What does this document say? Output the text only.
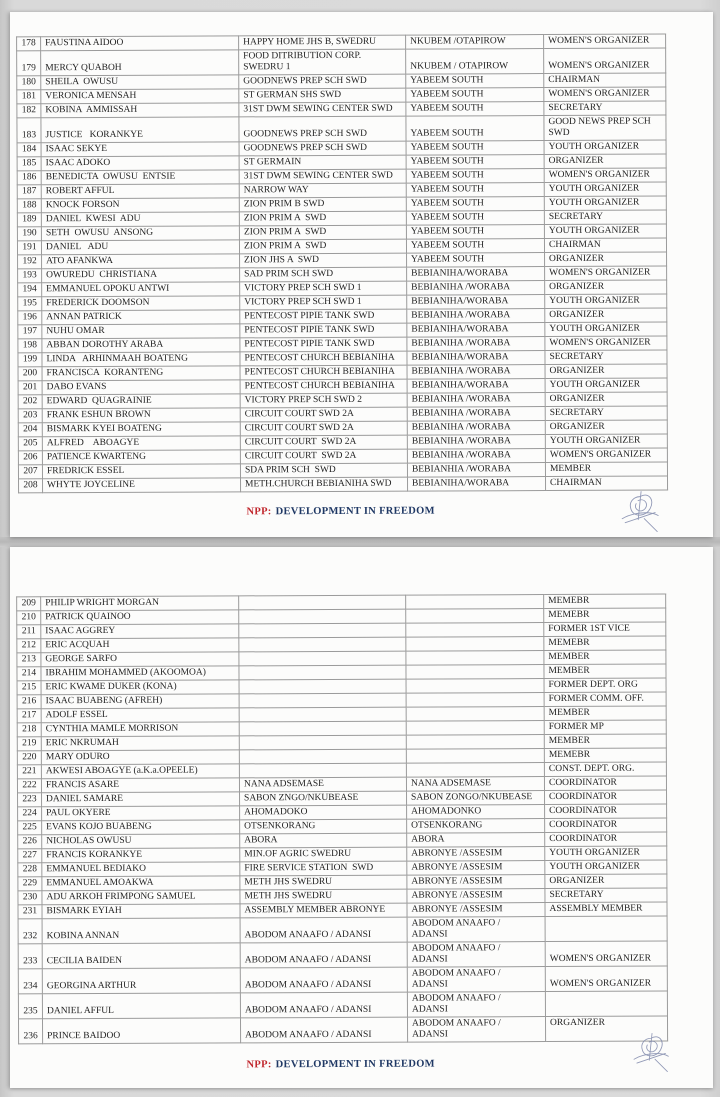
178	FAUSTINA AIDOO	HAPPY HOME JHS B, SWEDRU	NKUBEM /OTAPIROW	WOMEN'S ORGANIZER
179	MERCY QUABOH	FOOD DITRIBUTION CORP.
SWEDRU 1	NKUBEM / OTAPIROW	WOMEN'S ORGANIZER
180	SHEILA  OWUSU	GOODNEWS PREP SCH SWD	YABEEM SOUTH	CHAIRMAN
181	VERONICA MENSAH	ST GERMAN SHS SWD	YABEEM SOUTH	WOMEN'S ORGANIZER
182	KOBINA  AMMISSAH	31ST DWM SEWING CENTER SWD	YABEEM SOUTH	SECRETARY
183	JUSTICE   KORANKYE	GOODNEWS PREP SCH SWD	YABEEM SOUTH	GOOD NEWS PREP SCH
SWD
184	ISAAC SEKYE	GOODNEWS PREP SCH SWD	YABEEM SOUTH	YOUTH ORGANIZER
185	ISAAC ADOKO	ST GERMAIN	YABEEM SOUTH	ORGANIZER
186	BENEDICTA  OWUSU  ENTSIE	31ST DWM SEWING CENTER SWD	YABEEM SOUTH	WOMEN'S ORGANIZER
187	ROBERT AFFUL	NARROW WAY	YABEEM SOUTH	YOUTH ORGANIZER
188	KNOCK FORSON	ZION PRIM B SWD	YABEEM SOUTH	YOUTH ORGANIZER
189	DANIEL  KWESI  ADU	ZION PRIM A  SWD	YABEEM SOUTH	SECRETARY
190	SETH  OWUSU  ANSONG	ZION PRIM A  SWD	YABEEM SOUTH	YOUTH ORGANIZER
191	DANIEL   ADU	ZION PRIM A  SWD	YABEEM SOUTH	CHAIRMAN
192	ATO AFANKWA	ZION JHS A  SWD	YABEEM SOUTH	ORGANIZER
193	OWUREDU  CHRISTIANA	SAD PRIM SCH SWD	BEBIANIHA/WORABA	WOMEN'S ORGANIZER
194	EMMANUEL OPOKU ANTWI	VICTORY PREP SCH SWD 1	BEBIANIHA /WORABA	ORGANIZER
195	FREDERICK DOOMSON	VICTORY PREP SCH SWD 1	BEBIANIHA/WORABA	YOUTH ORGANIZER
196	ANNAN PATRICK	PENTECOST PIPIE TANK SWD	BEBIANIHA /WORABA	ORGANIZER
197	NUHU OMAR	PENTECOST PIPIE TANK SWD	BEBIANIHA/WORABA	YOUTH ORGANIZER
198	ABBAN DOROTHY ARABA	PENTECOST PIPIE TANK SWD	BEBIANIHA /WORABA	WOMEN'S ORGANIZER
199	LINDA   ARHINMAAH BOATENG	PENTECOST CHURCH BEBIANIHA	BEBIANIHA/WORABA	SECRETARY
200	FRANCISCA  KORANTENG	PENTECOST CHURCH BEBIANIHA	BEBIANIHA /WORABA	ORGANIZER
201	DABO EVANS	PENTECOST CHURCH BEBIANIHA	BEBIANIHA/WORABA	YOUTH ORGANIZER
202	EDWARD  QUAGRAINIE	VICTORY PREP SCH SWD 2	BEBIANIHA /WORABA	ORGANIZER
203	FRANK ESHUN BROWN	CIRCUIT COURT SWD 2A	BEBIANIHA /WORABA	SECRETARY
204	BISMARK KYEI BOATENG	CIRCUIT COURT SWD 2A	BEBIANIHA /WORABA	ORGANIZER
205	ALFRED    ABOAGYE	CIRCUIT COURT  SWD 2A	BEBIANIHA /WORABA	YOUTH ORGANIZER
206	PATIENCE KWARTENG	CIRCUIT COURT  SWD 2A	BEBIANIHA /WORABA	WOMEN'S ORGANIZER
207	FREDRICK ESSEL	SDA PRIM SCH  SWD	BEBIANHIA /WORABA	MEMBER
208	WHYTE JOYCELINE	METH.CHURCH BEBIANIHA SWD	BEBIANIHA/WORABA	CHAIRMAN
NPP: DEVELOPMENT IN FREEDOM
209	PHILIP WRIGHT MORGAN			MEMEBR
210	PATRICK QUAINOO			MEMEBR
211	ISAAC AGGREY			FORMER 1ST VICE
212	ERIC ACQUAH			MEMEBR
213	GEORGE SARFO			MEMBER
214	IBRAHIM MOHAMMED (AKOOMOA)			MEMBER
215	ERIC KWAME DUKER (KONA)			FORMER DEPT. ORG
216	ISAAC BUABENG (AFREH)			FORMER COMM. OFF.
217	ADOLF ESSEL			MEMBER
218	CYNTHIA MAMLE MORRISON			FORMER MP
219	ERIC NKRUMAH			MEMBER
220	MARY ODURO			MEMEBR
221	AKWESI ABOAGYE (a.K.a.OPEELE)			CONST. DEPT. ORG.
222	FRANCIS ASARE	NANA ADSEMASE	NANA ADSEMASE	COORDINATOR
223	DANIEL SAMARE	SABON ZNGO/NKUBEASE	SABON ZONGO/NKUBEASE	COORDINATOR
224	PAUL OKYERE	AHOMADOKO	AHOMADONKO	COORDINATOR
225	EVANS KOJO BUABENG	OTSENKORANG	OTSENKORANG	COORDINATOR
226	NICHOLAS OWUSU	ABORA	ABORA	COORDINATOR
227	FRANCIS KORANKYE	MIN.OF AGRIC SWEDRU	ABRONYE /ASSESIM	YOUTH ORGANIZER
228	EMMANUEL BEDIAKO	FIRE SERVICE STATION  SWD	ABRONYE /ASSESIM	YOUTH ORGANIZER
229	EMMANUEL AMOAKWA	METH JHS SWEDRU	ABRONYE /ASSESIM	ORGANIZER
230	ADU ARKOH FRIMPONG SAMUEL	METH JHS SWEDRU	ABRONYE /ASSESIM	SECRETARY
231	BISMARK EYIAH	ASSEMBLY MEMBER ABRONYE	ABRONYE /ASSESIM	ASSEMBLY MEMBER
232	KOBINA ANNAN	ABODOM ANAAFO / ADANSI	ABODOM ANAAFO /
ADANSI	
233	CECILIA BAIDEN	ABODOM ANAAFO / ADANSI	ABODOM ANAAFO /
ADANSI	WOMEN'S ORGANIZER
234	GEORGINA ARTHUR	ABODOM ANAAFO / ADANSI	ABODOM ANAAFO /
ADANSI	WOMEN'S ORGANIZER
235	DANIEL AFFUL	ABODOM ANAAFO / ADANSI	ABODOM ANAAFO /
ADANSI	
236	PRINCE BAIDOO	ABODOM ANAAFO / ADANSI	ABODOM ANAAFO /
ADANSI	ORGANIZER
NPP: DEVELOPMENT IN FREEDOM
